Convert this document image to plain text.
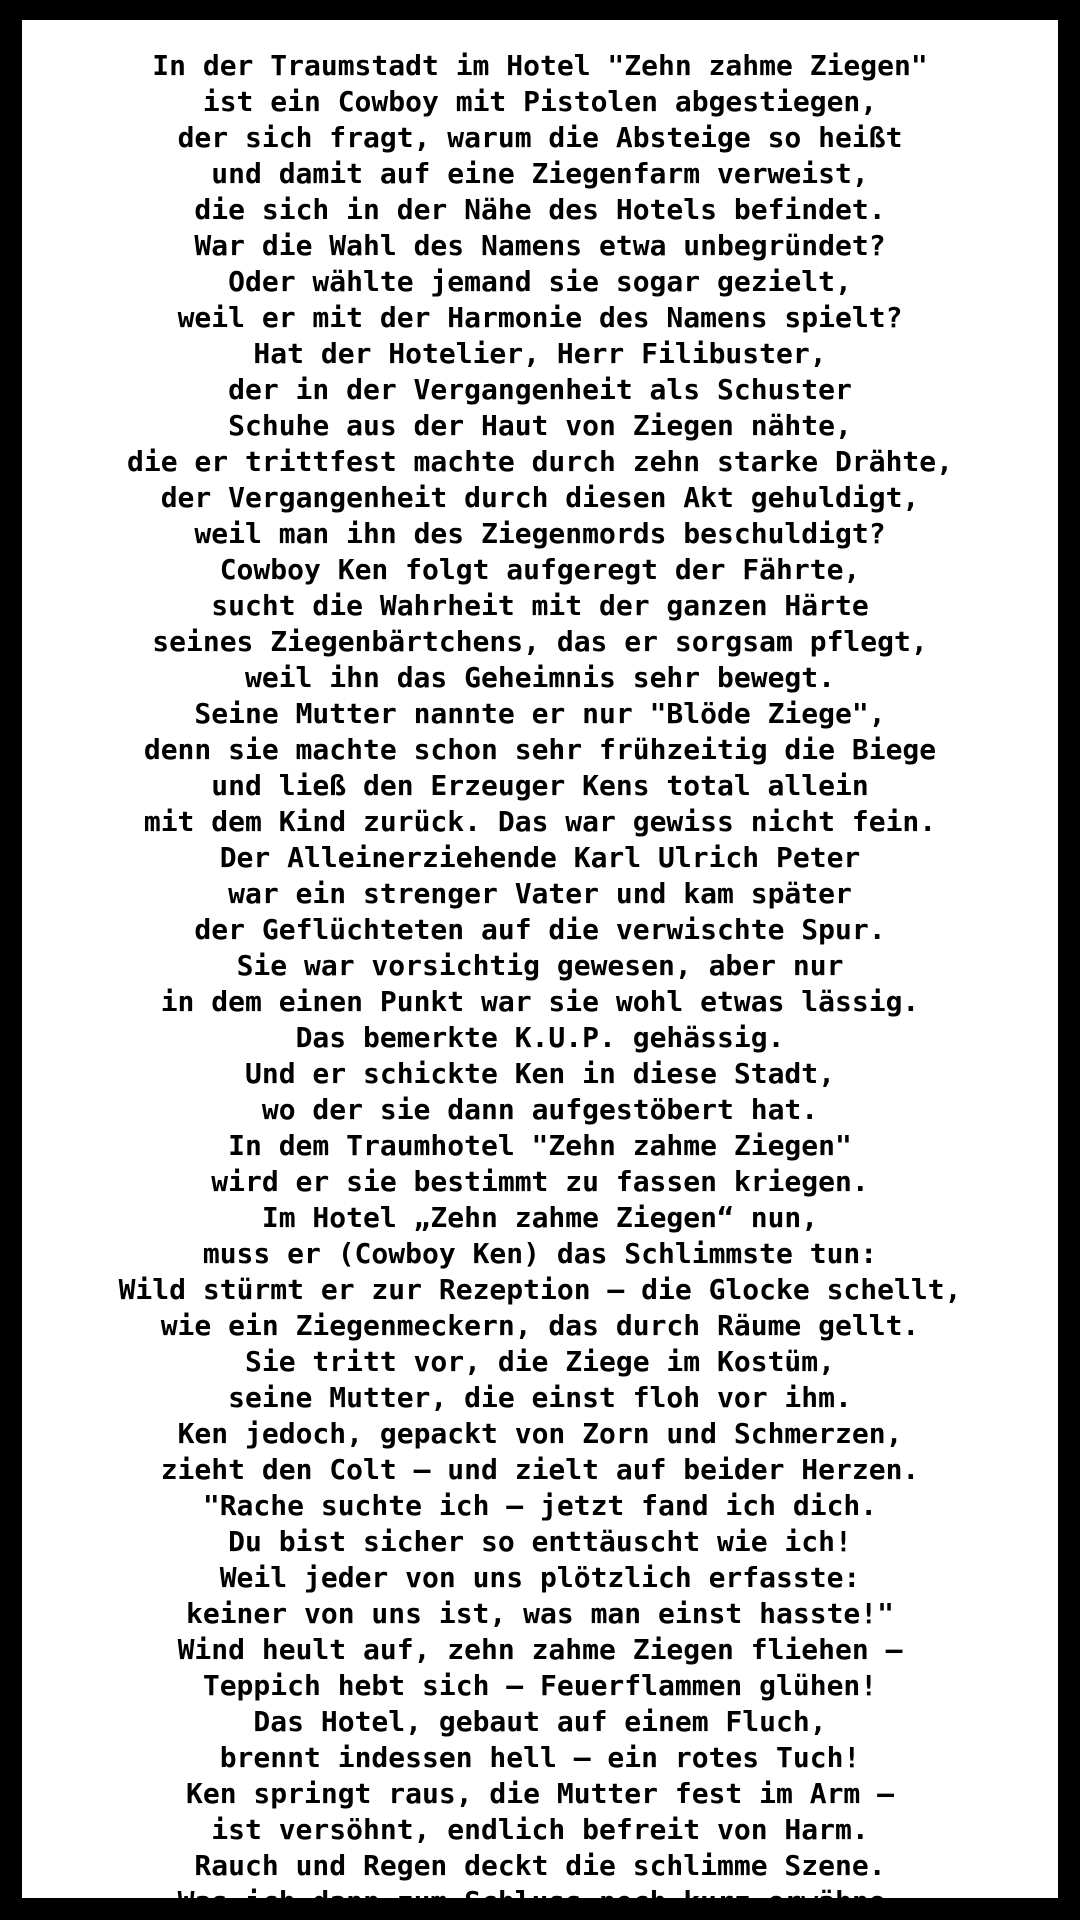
In der Traumstadt im Hotel "Zehn zahme Ziegen"
ist ein Cowboy mit Pistolen abgestiegen,
der sich fragt, warum die Absteige so heißt
und damit auf eine Ziegenfarm verweist,
die sich in der Nähe des Hotels befindet.
War die Wahl des Namens etwa unbegründet?
Oder wählte jemand sie sogar gezielt,
weil er mit der Harmonie des Namens spielt?
Hat der Hotelier, Herr Filibuster,
der in der Vergangenheit als Schuster
Schuhe aus der Haut von Ziegen nähte,
die er trittfest machte durch zehn starke Drähte,
der Vergangenheit durch diesen Akt gehuldigt,
weil man ihn des Ziegenmords beschuldigt?
Cowboy Ken folgt aufgeregt der Fährte,
sucht die Wahrheit mit der ganzen Härte
seines Ziegenbärtchens, das er sorgsam pflegt,
weil ihn das Geheimnis sehr bewegt.
Seine Mutter nannte er nur "Blöde Ziege",
denn sie machte schon sehr frühzeitig die Biege
und ließ den Erzeuger Kens total allein
mit dem Kind zurück. Das war gewiss nicht fein.
Der Alleinerziehende Karl Ulrich Peter
war ein strenger Vater und kam später
der Geflüchteten auf die verwischte Spur.
Sie war vorsichtig gewesen, aber nur
in dem einen Punkt war sie wohl etwas lässig.
Das bemerkte K.U.P. gehässig.
Und er schickte Ken in diese Stadt,
wo der sie dann aufgestöbert hat.
In dem Traumhotel "Zehn zahme Ziegen"
wird er sie bestimmt zu fassen kriegen.
Im Hotel „Zehn zahme Ziegen“ nun,
muss er (Cowboy Ken) das Schlimmste tun:
Wild stürmt er zur Rezeption – die Glocke schellt,
wie ein Ziegenmeckern, das durch Räume gellt.
Sie tritt vor, die Ziege im Kostüm,
seine Mutter, die einst floh vor ihm.
Ken jedoch, gepackt von Zorn und Schmerzen,
zieht den Colt – und zielt auf beider Herzen.
"Rache suchte ich – jetzt fand ich dich.
Du bist sicher so enttäuscht wie ich!
Weil jeder von uns plötzlich erfasste:
keiner von uns ist, was man einst hasste!"
Wind heult auf, zehn zahme Ziegen fliehen –
Teppich hebt sich – Feuerflammen glühen!
Das Hotel, gebaut auf einem Fluch,
brennt indessen hell – ein rotes Tuch!
Ken springt raus, die Mutter fest im Arm –
ist versöhnt, endlich befreit von Harm.
Rauch und Regen deckt die schlimme Szene.
Was ich dann zum Schluss noch kurz erwähne.
